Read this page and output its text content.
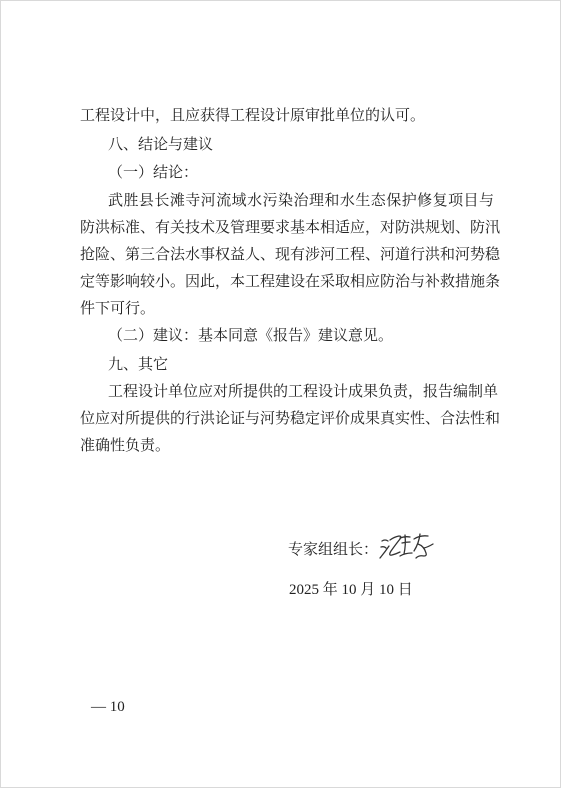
工程设计中，且应获得工程设计原审批单位的认可。

八、结论与建议

（一）结论：

武胜县长滩寺河流域水污染治理和水生态保护修复项目与

防洪标准、有关技术及管理要求基本相适应，对防洪规划、防汛

抢险、第三合法水事权益人、现有涉河工程、河道行洪和河势稳

定等影响较小。因此，本工程建设在采取相应防治与补救措施条

件下可行。

（二）建议：基本同意《报告》建议意见。

九、其它

工程设计单位应对所提供的工程设计成果负责，报告编制单

位应对所提供的行洪论证与河势稳定评价成果真实性、合法性和

准确性负责。

专家组组长：

2025 年 10 月 10 日

— 10
